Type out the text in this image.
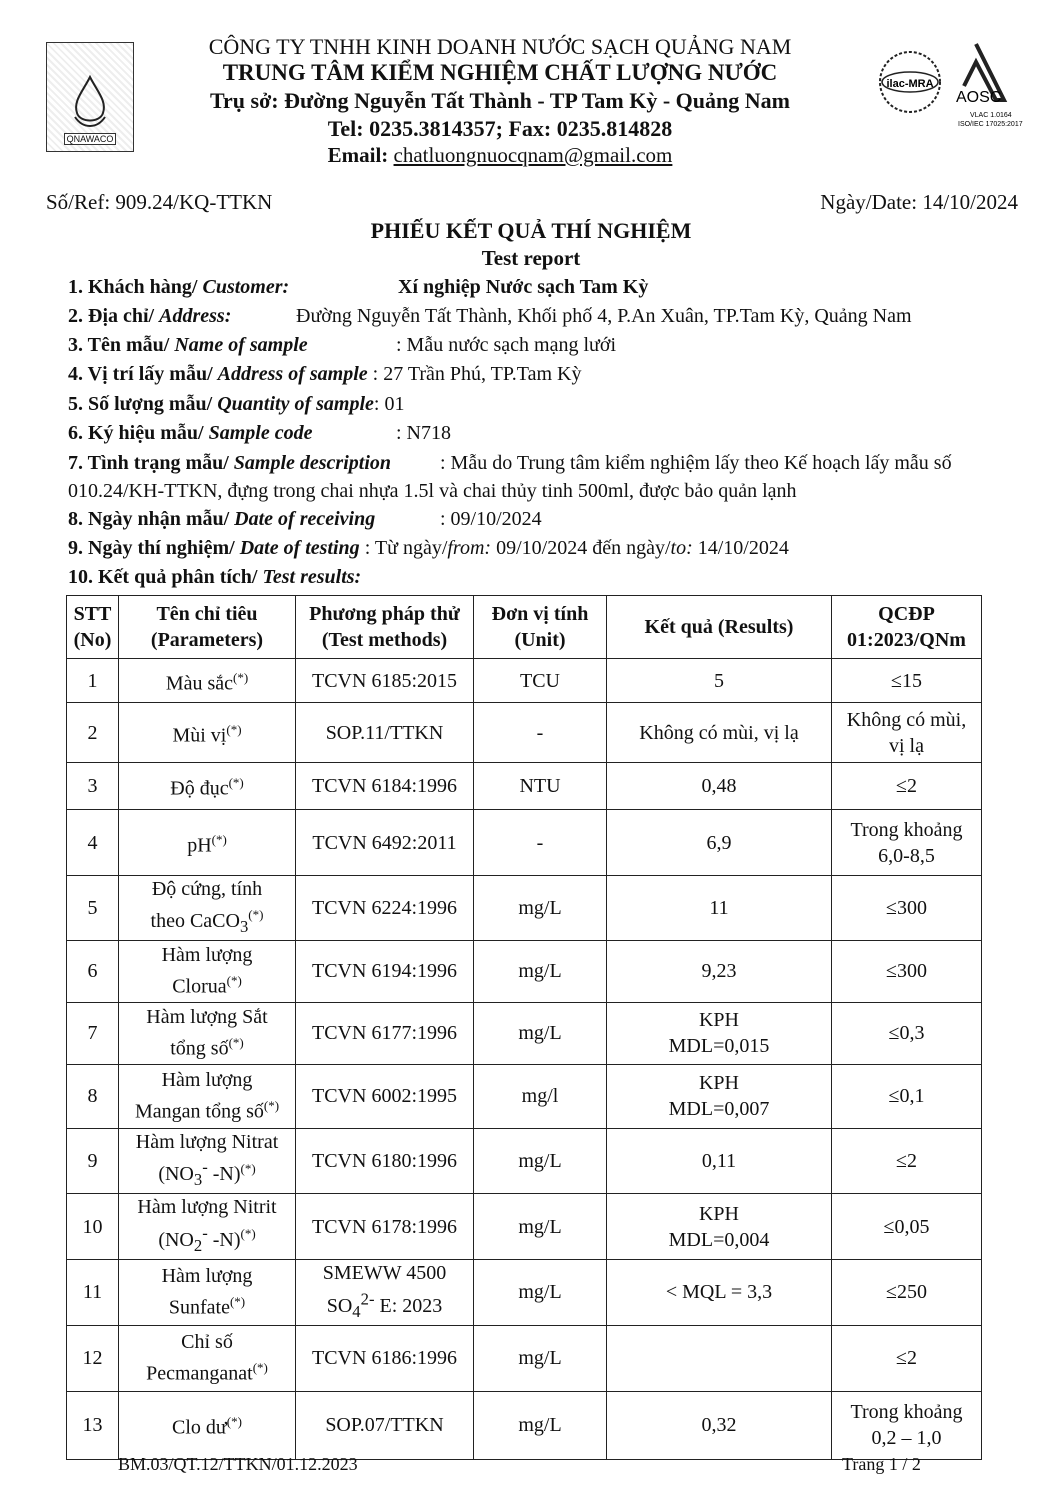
QNAWACO
ilac-MRA
AOSC
VLAC 1.0164
ISO/IEC 17025:2017
CÔNG TY TNHH KINH DOANH NƯỚC SẠCH QUẢNG NAM
TRUNG TÂM KIỂM NGHIỆM CHẤT LƯỢNG NƯỚC
Trụ sở: Đường Nguyễn Tất Thành - TP Tam Kỳ - Quảng Nam
Tel: 0235.3814357; Fax: 0235.814828
Email: chatluongnuocqnam@gmail.com
Số/Ref: 909.24/KQ-TTKN	Ngày/Date: 14/10/2024
PHIẾU KẾT QUẢ THÍ NGHIỆM
Test report
1. Khách hàng/ Customer:	Xí nghiệp Nước sạch Tam Kỳ
2. Địa chỉ/ Address:	Đường Nguyễn Tất Thành, Khối phố 4, P.An Xuân, TP.Tam Kỳ, Quảng Nam
3. Tên mẫu/ Name of sample	: Mẫu nước sạch mạng lưới
4. Vị trí lấy mẫu/ Address of sample : 27 Trần Phú, TP.Tam Kỳ
5. Số lượng mẫu/ Quantity of sample: 01
6. Ký hiệu mẫu/ Sample code	: N718
7. Tình trạng mẫu/ Sample description : Mẫu do Trung tâm kiểm nghiệm lấy theo Kế hoạch lấy mẫu số
010.24/KH-TTKN, đựng trong chai nhựa 1.5l và chai thủy tinh 500ml, được bảo quản lạnh
8. Ngày nhận mẫu/ Date of receiving	: 09/10/2024
9. Ngày thí nghiệm/ Date of testing : Từ ngày/from: 09/10/2024 đến ngày/to: 14/10/2024
10. Kết quả phân tích/ Test results:
STT
(No)	Tên chỉ tiêu
(Parameters)	Phương pháp thử
(Test methods)	Đơn vị tính
(Unit)	Kết quả (Results)	QCĐP
01:2023/QNm
1	Màu sắc(*)	TCVN 6185:2015	TCU	5	≤15
2	Mùi vị(*)	SOP.11/TTKN	-	Không có mùi, vị lạ	Không có mùi,
vị lạ
3	Độ đục(*)	TCVN 6184:1996	NTU	0,48	≤2
4	pH(*)	TCVN 6492:2011	-	6,9	Trong khoảng
6,0-8,5
5	Độ cứng, tính
theo CaCO$_3$(*)	TCVN 6224:1996	mg/L	11	≤300
6	Hàm lượng
Clorua(*)	TCVN 6194:1996	mg/L	9,23	≤300
7	Hàm lượng Sắt
tổng số(*)	TCVN 6177:1996	mg/L	KPH
MDL=0,015	≤0,3
8	Hàm lượng
Mangan tổng số(*)	TCVN 6002:1995	mg/l	KPH
MDL=0,007	≤0,1
9	Hàm lượng Nitrat
($NO_3^-$ -N)(*)	TCVN 6180:1996	mg/L	0,11	≤2
10	Hàm lượng Nitrit
($NO_2^-$ -N)(*)	TCVN 6178:1996	mg/L	KPH
MDL=0,004	≤0,05
11	Hàm lượng
Sunfate(*)	SMEWW 4500
$SO_4^{2-}$ E: 2023	mg/L	< MQL = 3,3	≤250
12	Chỉ số
Pecmanganat(*)	TCVN 6186:1996	mg/L		≤2
13	Clo dư(*)	SOP.07/TTKN	mg/L	0,32	Trong khoảng
0,2 – 1,0
BM.03/QT.12/TTKN/01.12.2023	Trang 1 / 2
